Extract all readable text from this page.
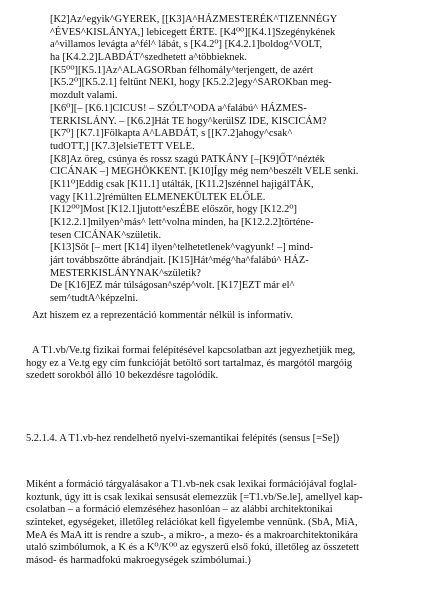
[K2]Az^egyik^GYEREK, [[K3]A^HÁZMESTERÉK^TIZENNÉGY
^ÉVES^KISLÁNYA,] lebicegett ÉRTE. [K4⁰⁰][K4.1]Szegénykének
a^villamos levágta a^fél^ lábát, s [K4.2⁰] [K4.2.1]boldog^VOLT,
ha [K4.2.2]LABDÁT^szedhetett a^többieknek.
[K5⁰⁰][K5.1]Az^ALAGSORban félhomály^terjengett, de azért
[K5.2⁰][K5.2.1] feltűnt NEKI, hogy [K5.2.2]egy^SAROKban meg-
mozdult valami.
[K6⁰][– [K6.1]CICUS! – SZÓLT^ODA a^falábú^ HÁZMES-
TERKISLÁNY. – [K6.2]Hát TE hogy^kerülSZ IDE, KISCICÁM?
[K7⁰] [K7.1]Fölkapta A^LABDÁT, s [[K7.2]ahogy^csak^
tudOTT,] [K7.3]elsieTETT VELE.
[K8]Az öreg, csúnya és rossz szagú PATKÁNY [–[K9]ŐT^nézték
CICÁNAK –] MEGHÖKKENT. [K10]Így még nem^beszélt VELE senki.
[K11⁰]Eddig csak [K11.1] utálták, [K11.2]szénnel hajigálTÁK,
vagy [K11.2]rémülten ELMENEKÜLTEK ELŐLE.
[K12⁰⁰]Most [K12.1]jutott^eszÉBE először, hogy [K12.2⁰]
[K12.2.1]milyen^más^ lett^volna minden, ha [K12.2.2]történe-
tesen CICÁNAK^születik.
[K13]Sőt [– mert [K14] ilyen^telhetetlenek^vagyunk! –] mind-
járt továbbszőtte ábrándjait. [K15]Hát^még^ha^falábú^ HÁZ-
MESTERKISLÁNYNAK^születik?
De [K16]EZ már túlságosan^szép^volt. [K17]EZT már el^
sem^tudtA^képzelni.
Azt hiszem ez a reprezentáció kommentár nélkül is informatív.
A T1.vb/Ve.tg fizikai formai felépítésével kapcsolatban azt jegyezhetjük meg,
hogy ez a Ve.tg egy cím funkcióját betöltő sort tartalmaz, és margótól margóig
szedett sorokból álló 10 bekezdésre tagolódik.
5.2.1.4. A T1.vb-hez rendelhető nyelvi-szemantikai felépítés (sensus [=Se])
Miként a formáció tárgyalásakor a T1.vb-nek csak lexikai formációjával foglal-
koztunk, úgy itt is csak lexikai sensusát elemezzük [=T1.vb/Se.le], amellyel kap-
csolatban – a formáció elemzéséhez hasonlóan – az alábbi architektonikai
szinteket, egységeket, illetőleg relációkat kell figyelembe vennünk. (SbA, MiA,
MeA és MaA itt is rendre a szub-, a mikro-, a mezo- és a makroarchitektonikára
utaló szimbólumok, a K és a K⁰/K⁰⁰ az egyszerű első fokú, illetőleg az összetett
másod- és harmadfokú makroegységek szimbólumai.)
